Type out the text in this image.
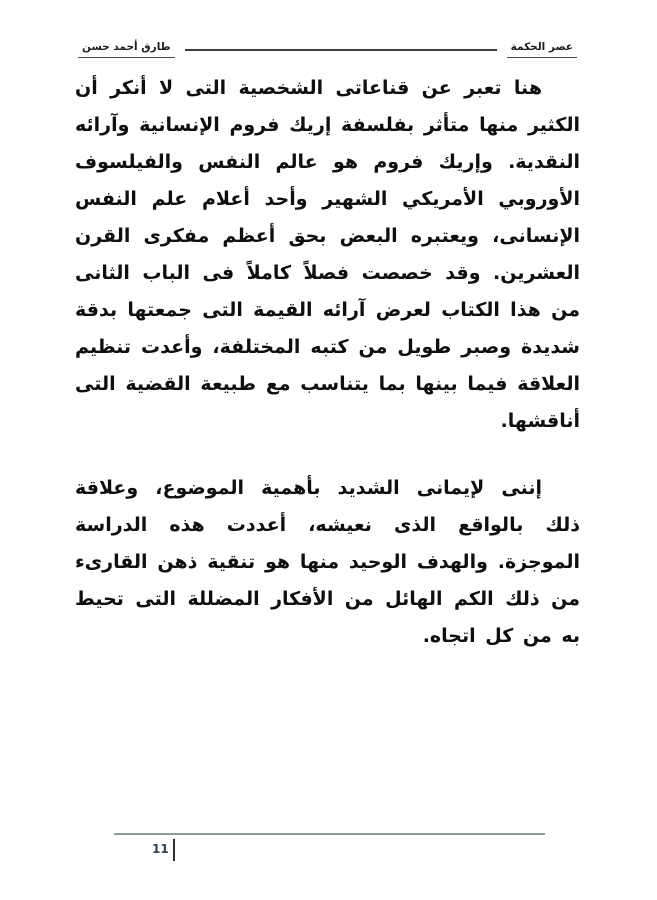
طارق أحمد حسن	عصر الحكمة

هنا تعبر عن قناعاتى الشخصية التى لا أنكر أن الكثير منها متأثر بفلسفة إريك فروم الإنسانية وآرائه النقدية. وإريك فروم هو عالم النفس والفيلسوف الأوروبي الأمريكي الشهير وأحد أعلام علم النفس الإنسانى، ويعتبره البعض بحق أعظم مفكرى القرن العشرين. وقد خصصت فصلاً كاملاً فى الباب الثانى من هذا الكتاب لعرض آرائه القيمة التى جمعتها بدقة شديدة وصبر طويل من كتبه المختلفة، وأعدت تنظيم العلاقة فيما بينها بما يتناسب مع طبيعة القضية التى أناقشها.

إننى لإيمانى الشديد بأهمية الموضوع، وعلاقة ذلك بالواقع الذى نعيشه، أعددت هذه الدراسة الموجزة. والهدف الوحيد منها هو تنقية ذهن القارىء من ذلك الكم الهائل من الأفكار المضللة التى تحيط به من كل اتجاه.

11
